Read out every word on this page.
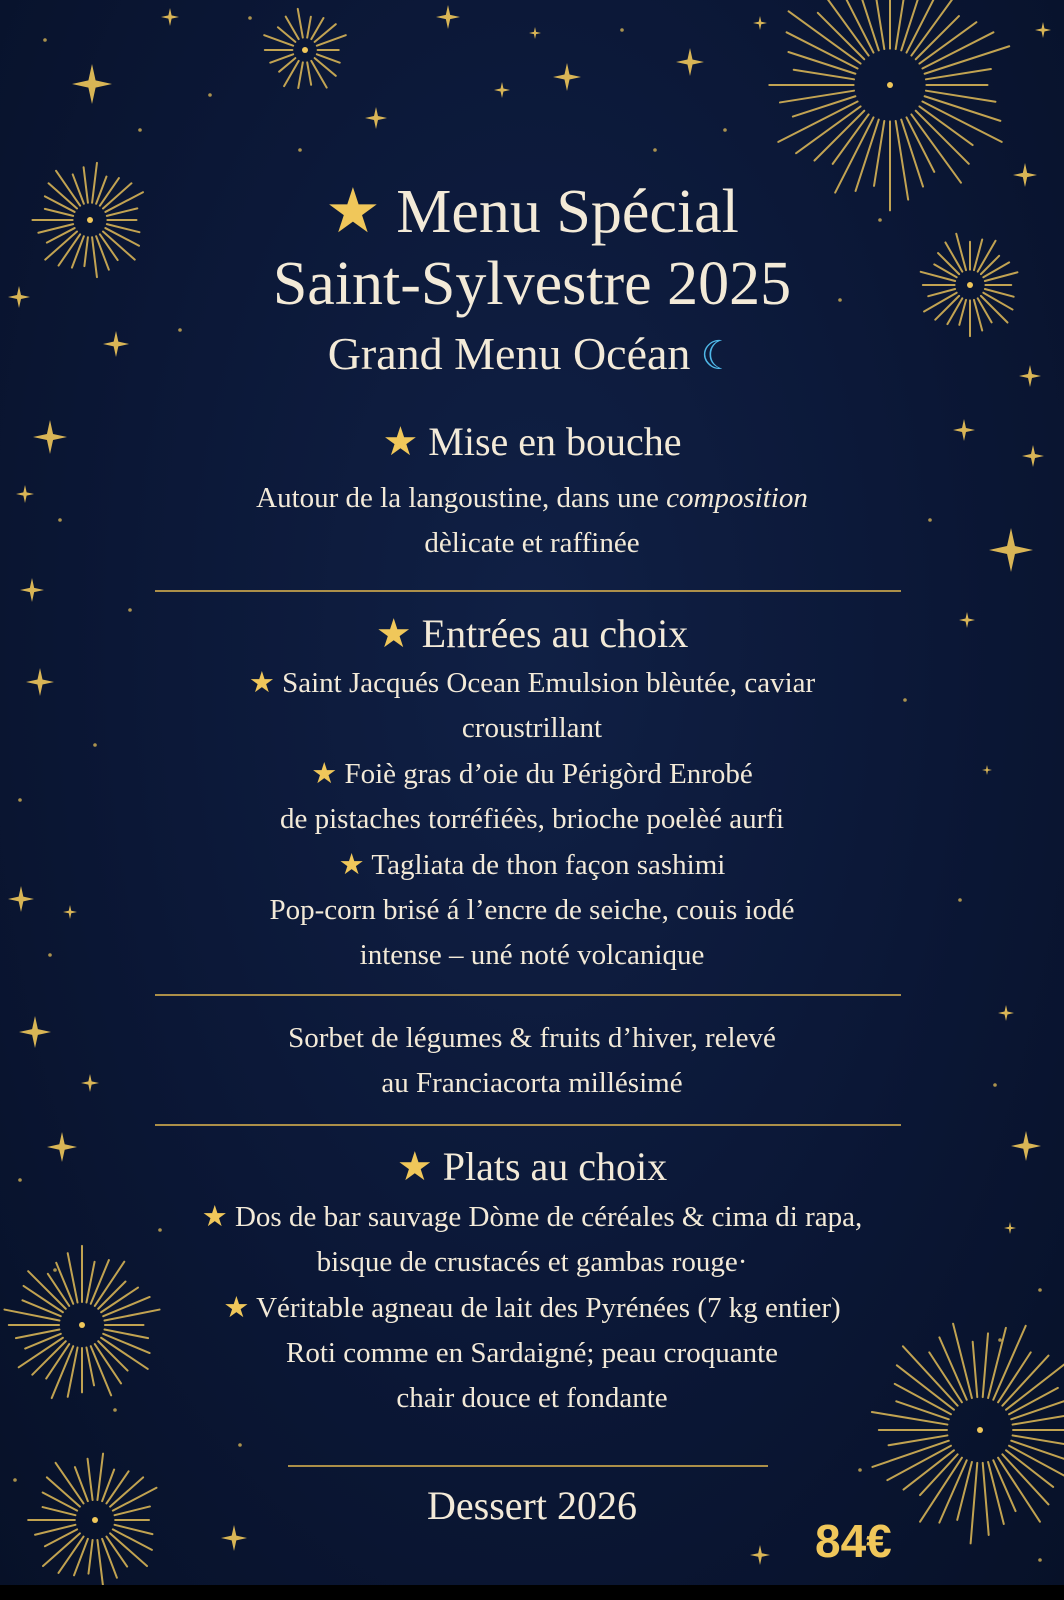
★ Menu Spécial
Saint-Sylvestre 2025
Grand Menu Océan ☾
★ Mise en bouche
Autour de la langoustine, dans une composition
dèlicate et raffinée
★ Entrées au choix
★ Saint Jacqués Ocean Emulsion blèutée, caviar
croustrillant
★ Foiè gras d’oie du Périgòrd Enrobé
de pistaches torréfiéès, brioche poelèé aurfi
★ Tagliata de thon façon sashimi
Pop-corn brisé á l’encre de seiche, couis iodé
intense – uné noté volcanique
Sorbet de légumes & fruits d’hiver, relevé
au Franciacorta millésimé
★ Plats au choix
★ Dos de bar sauvage Dòme de céréales & cima di rapa,
bisque de crustacés et gambas rouge·
★ Véritable agneau de lait des Pyrénées (7 kg entier)
Roti comme en Sardaigné; peau croquante
chair douce et fondante
Dessert 2026
84€
